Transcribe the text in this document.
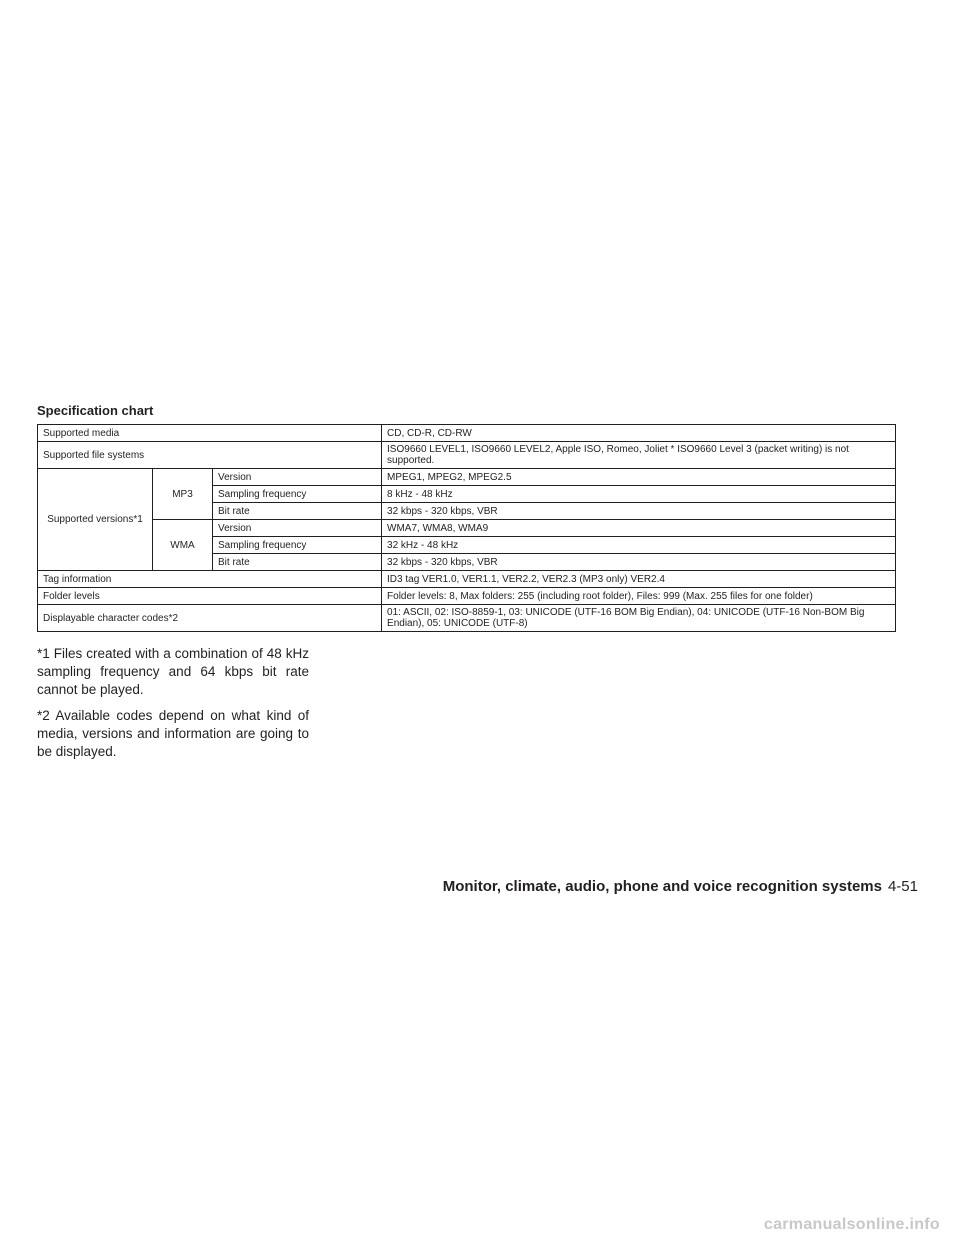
Specification chart
Supported media			CD, CD-R, CD-RW
Supported file systems			ISO9660 LEVEL1, ISO9660 LEVEL2, Apple ISO, Romeo, Joliet * ISO9660 Level 3 (packet writing) is not supported.
Supported versions*1	MP3	Version	MPEG1, MPEG2, MPEG2.5
		Sampling frequency	8 kHz - 48 kHz
		Bit rate	32 kbps - 320 kbps, VBR
	WMA	Version	WMA7, WMA8, WMA9
		Sampling frequency	32 kHz - 48 kHz
		Bit rate	32 kbps - 320 kbps, VBR
Tag information			ID3 tag VER1.0, VER1.1, VER2.2, VER2.3 (MP3 only) VER2.4
Folder levels			Folder levels: 8, Max folders: 255 (including root folder), Files: 999 (Max. 255 files for one folder)
Displayable character codes*2			01: ASCII, 02: ISO-8859-1, 03: UNICODE (UTF-16 BOM Big Endian), 04: UNICODE (UTF-16 Non-BOM Big Endian), 05: UNICODE (UTF-8)

*1 Files created with a combination of 48 kHz sampling frequency and 64 kbps bit rate cannot be played.

*2 Available codes depend on what kind of media, versions and information are going to be displayed.

Monitor, climate, audio, phone and voice recognition systems 4-51
carmanualsonline.info
